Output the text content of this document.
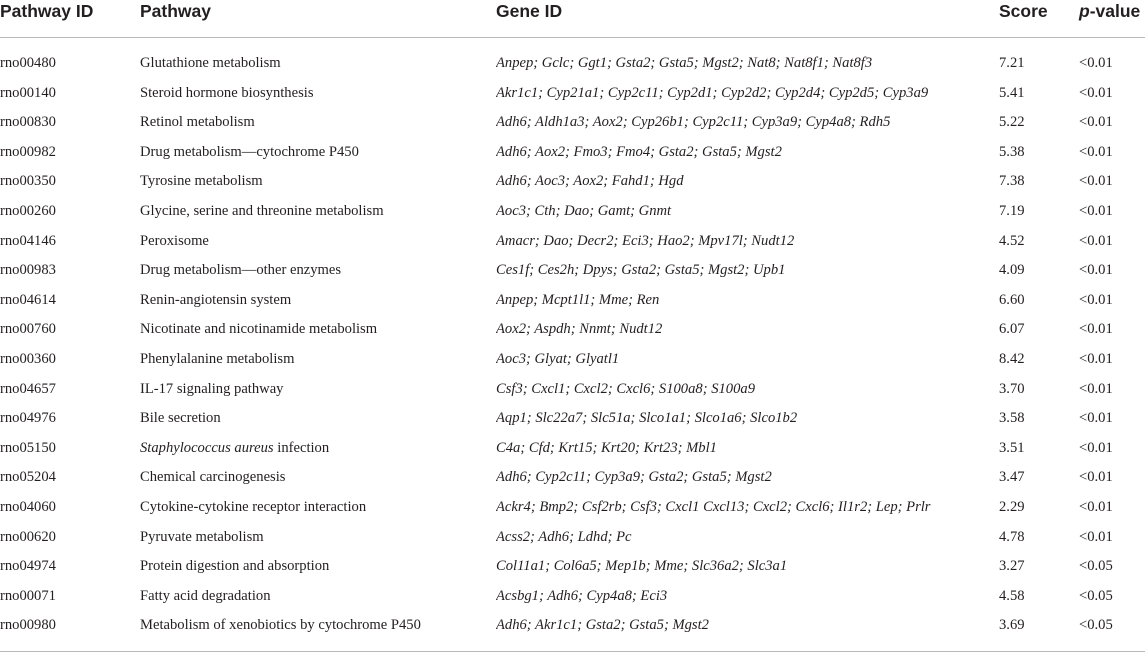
Pathway ID	Pathway	Gene ID	Score	p-value

rno00480	Glutathione metabolism	Anpep; Gclc; Ggt1; Gsta2; Gsta5; Mgst2; Nat8; Nat8f1; Nat8f3	7.21	<0.01
rno00140	Steroid hormone biosynthesis	Akr1c1; Cyp21a1; Cyp2c11; Cyp2d1; Cyp2d2; Cyp2d4; Cyp2d5; Cyp3a9	5.41	<0.01
rno00830	Retinol metabolism	Adh6; Aldh1a3; Aox2; Cyp26b1; Cyp2c11; Cyp3a9; Cyp4a8; Rdh5	5.22	<0.01
rno00982	Drug metabolism—cytochrome P450	Adh6; Aox2; Fmo3; Fmo4; Gsta2; Gsta5; Mgst2	5.38	<0.01
rno00350	Tyrosine metabolism	Adh6; Aoc3; Aox2; Fahd1; Hgd	7.38	<0.01
rno00260	Glycine, serine and threonine metabolism	Aoc3; Cth; Dao; Gamt; Gnmt	7.19	<0.01
rno04146	Peroxisome	Amacr; Dao; Decr2; Eci3; Hao2; Mpv17l; Nudt12	4.52	<0.01
rno00983	Drug metabolism—other enzymes	Ces1f; Ces2h; Dpys; Gsta2; Gsta5; Mgst2; Upb1	4.09	<0.01
rno04614	Renin-angiotensin system	Anpep; Mcpt1l1; Mme; Ren	6.60	<0.01
rno00760	Nicotinate and nicotinamide metabolism	Aox2; Aspdh; Nnmt; Nudt12	6.07	<0.01
rno00360	Phenylalanine metabolism	Aoc3; Glyat; Glyatl1	8.42	<0.01
rno04657	IL-17 signaling pathway	Csf3; Cxcl1; Cxcl2; Cxcl6; S100a8; S100a9	3.70	<0.01
rno04976	Bile secretion	Aqp1; Slc22a7; Slc51a; Slco1a1; Slco1a6; Slco1b2	3.58	<0.01
rno05150	Staphylococcus aureus infection	C4a; Cfd; Krt15; Krt20; Krt23; Mbl1	3.51	<0.01
rno05204	Chemical carcinogenesis	Adh6; Cyp2c11; Cyp3a9; Gsta2; Gsta5; Mgst2	3.47	<0.01
rno04060	Cytokine-cytokine receptor interaction	Ackr4; Bmp2; Csf2rb; Csf3; Cxcl1 Cxcl13; Cxcl2; Cxcl6; Il1r2; Lep; Prlr	2.29	<0.01
rno00620	Pyruvate metabolism	Acss2; Adh6; Ldhd; Pc	4.78	<0.01
rno04974	Protein digestion and absorption	Col11a1; Col6a5; Mep1b; Mme; Slc36a2; Slc3a1	3.27	<0.05
rno00071	Fatty acid degradation	Acsbg1; Adh6; Cyp4a8; Eci3	4.58	<0.05
rno00980	Metabolism of xenobiotics by cytochrome P450	Adh6; Akr1c1; Gsta2; Gsta5; Mgst2	3.69	<0.05
